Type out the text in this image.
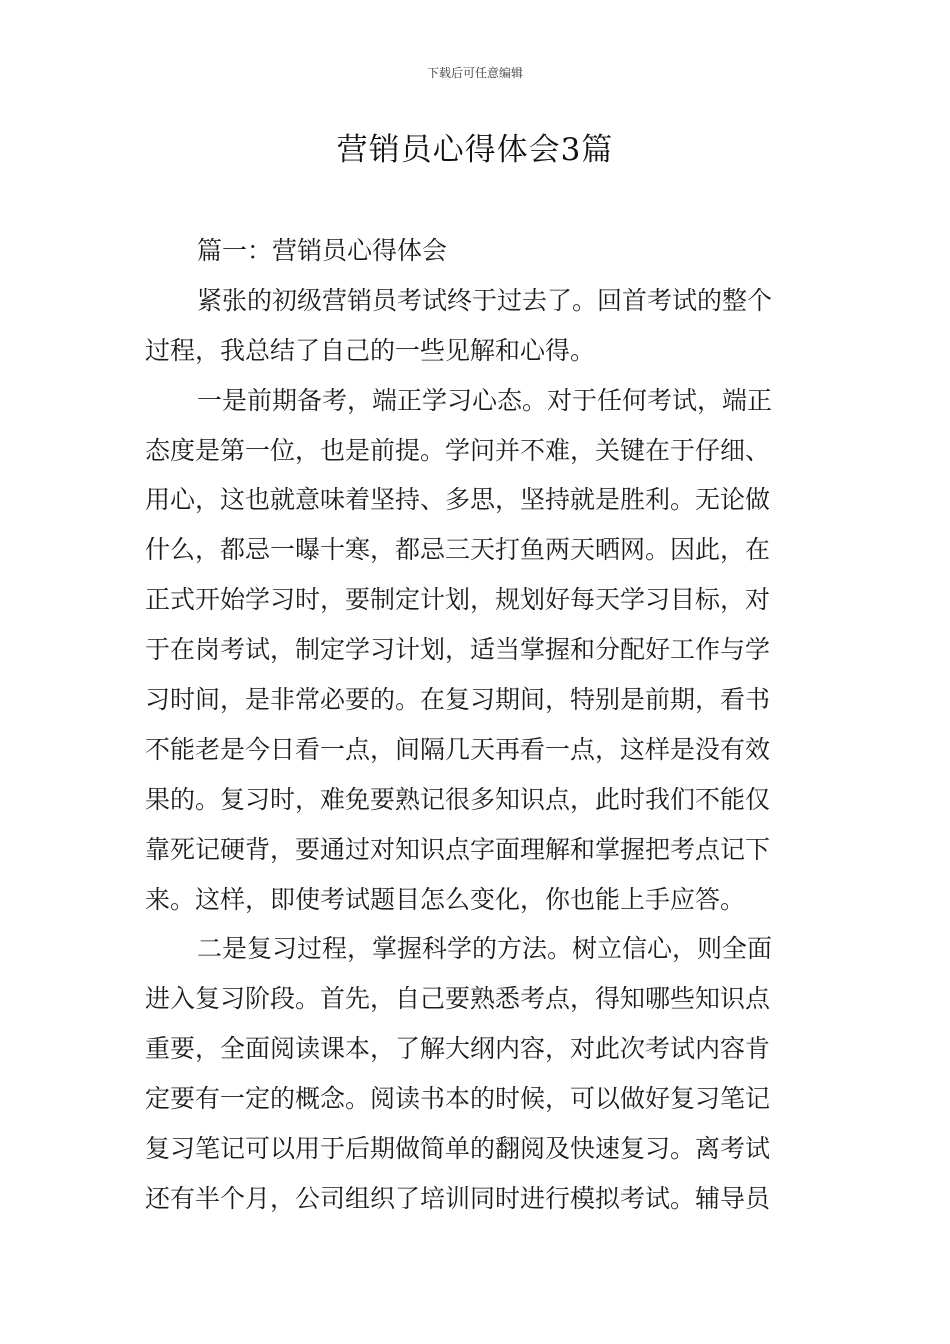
下载后可任意编辑
营销员心得体会3篇
篇一：营销员心得体会
紧张的初级营销员考试终于过去了。回首考试的整个
过程，我总结了自己的一些见解和心得。
一是前期备考，端正学习心态。对于任何考试，端正
态度是第一位，也是前提。学问并不难，关键在于仔细、
用心，这也就意味着坚持、多思，坚持就是胜利。无论做
什么，都忌一曝十寒，都忌三天打鱼两天晒网。因此，在
正式开始学习时，要制定计划，规划好每天学习目标，对
于在岗考试，制定学习计划，适当掌握和分配好工作与学
习时间，是非常必要的。在复习期间，特别是前期，看书
不能老是今日看一点，间隔几天再看一点，这样是没有效
果的。复习时，难免要熟记很多知识点，此时我们不能仅
靠死记硬背，要通过对知识点字面理解和掌握把考点记下
来。这样，即使考试题目怎么变化，你也能上手应答。
二是复习过程，掌握科学的方法。树立信心，则全面
进入复习阶段。首先，自己要熟悉考点，得知哪些知识点
重要，全面阅读课本，了解大纲内容，对此次考试内容肯
定要有一定的概念。阅读书本的时候，可以做好复习笔记
复习笔记可以用于后期做简单的翻阅及快速复习。离考试
还有半个月，公司组织了培训同时进行模拟考试。辅导员
